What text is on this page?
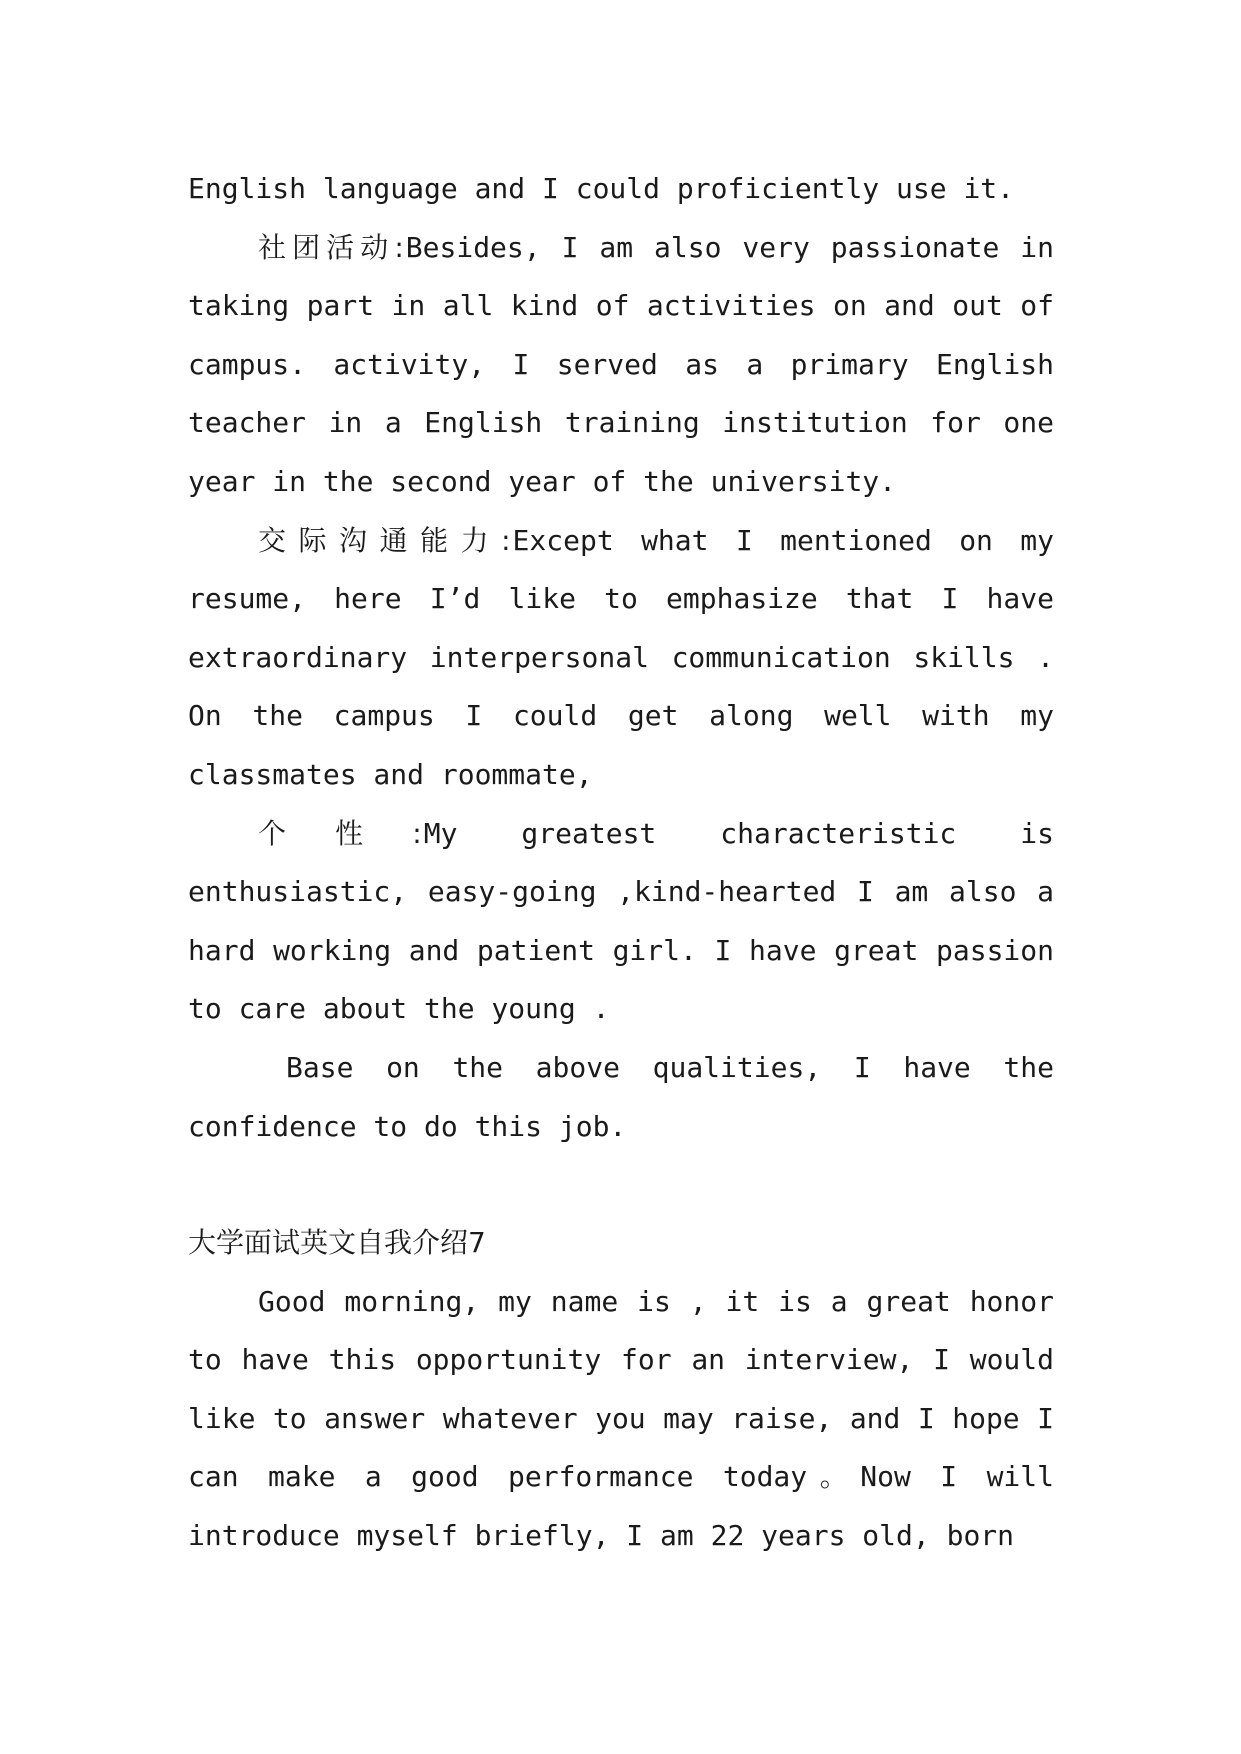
English language and I could proficiently use it.

社团活动:Besides, I am also very passionate in taking part in all kind of activities on and out of campus. activity, I served as a primary English teacher in a English training institution for one year in the second year of the university.

交际沟通能力:Except what I mentioned on my resume, here I’d like to emphasize that I have extraordinary interpersonal communication skills . On the campus I could get along well with my classmates and roommate,

个性:My greatest characteristic is enthusiastic, easy-going ,kind-hearted I am also a hard working and patient girl. I have great passion to care about the young .

Base on the above qualities, I have the confidence to do this job.

大学面试英文自我介绍7

Good morning, my name is , it is a great honor to have this opportunity for an interview, I would like to answer whatever you may raise, and I hope I can make a good performance today。Now I will introduce myself briefly, I am 22 years old, born
